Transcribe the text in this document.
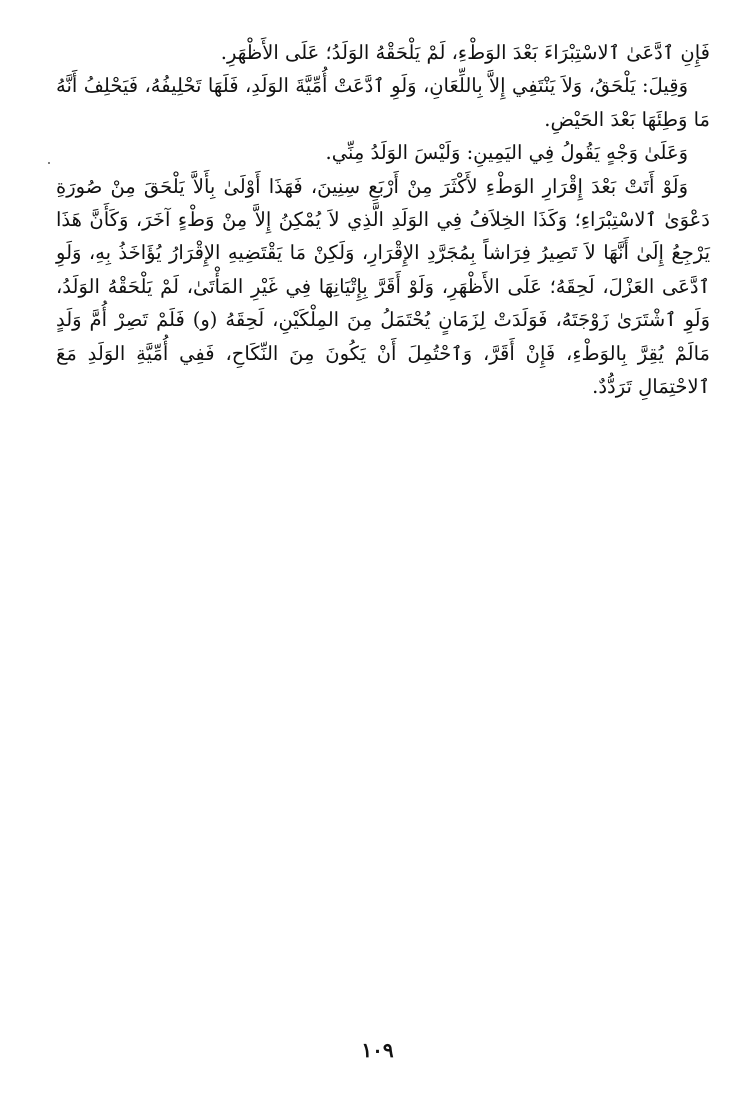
فَإِنِ ٱدَّعَىٰ ٱلاسْتِبْرَاءَ بَعْدَ الوَطْءِ، لَمْ يَلْحَقْهُ الوَلَدُ؛ عَلَى الأَظْهَرِ.

وَقِيلَ: يَلْحَقُ، وَلاَ يَنْتَفِي إِلاَّ بِاللِّعَانِ، وَلَوِ ٱدَّعَتْ أُمِّيَّةَ الوَلَدِ، فَلَهَا تَحْلِيفُهُ، فَيَحْلِفُ أَنَّهُ مَا وَطِئَهَا بَعْدَ الحَيْضِ.

وَعَلَىٰ وَجْهٍ يَقُولُ فِي اليَمِينِ: وَلَيْسَ الوَلَدُ مِنِّي.

وَلَوْ أَتَتْ بَعْدَ إِقْرَارِ الوَطْءِ لأَكْثَرَ مِنْ أَرْبَعِ سِنِينَ، فَهَذَا أَوْلَىٰ بِأَلاَّ يَلْحَقَ مِنْ صُورَةِ دَعْوَىٰ ٱلاسْتِبْرَاءِ؛ وَكَذَا الخِلاَفُ فِي الوَلَدِ الَّذِي لاَ يُمْكِنُ إِلاَّ مِنْ وَطْءٍ آخَرَ، وَكَأَنَّ هَذَا يَرْجِعُ إِلَىٰ أَنَّهَا لاَ تَصِيرُ فِرَاشاً بِمُجَرَّدِ الإِقْرَارِ، وَلَكِنْ مَا يَقْتَضِيهِ الإِقْرَارُ يُؤَاخَذُ بِهِ، وَلَوِ ٱدَّعَى العَزْلَ، لَحِقَهُ؛ عَلَى الأَظْهَرِ، وَلَوْ أَقَرَّ بِإِتْيَانِهَا فِي غَيْرِ المَأْتَىٰ، لَمْ يَلْحَقْهُ الوَلَدُ، وَلَوِ ٱشْتَرَىٰ زَوْجَتَهُ، فَوَلَدَتْ لِزَمَانٍ يُحْتَمَلُ مِنَ المِلْكَيْنِ، لَحِقَهُ (و) فَلَمْ تَصِرْ أُمَّ وَلَدٍ مَالَمْ يُقِرَّ بِالوَطْءِ، فَإِنْ أَقَرَّ، وَٱحْتُمِلَ أَنْ يَكُونَ مِنَ النِّكَاحِ، فَفِي أُمِّيَّةِ الوَلَدِ مَعَ ٱلاحْتِمَالِ تَرَدُّدٌ.

١٠٩
